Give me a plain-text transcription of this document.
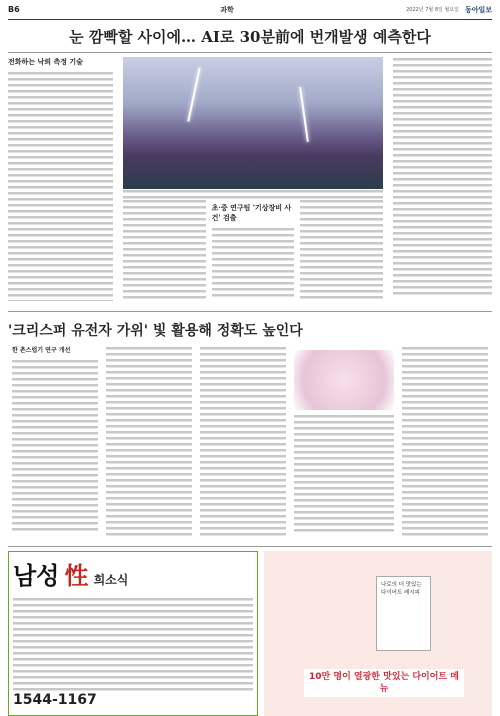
B6	과학	2022년 7월 8일 월요일 동아일보
눈 깜빡할 사이에… AI로 30분前에 번개발생 예측한다
전화하는 낙뢰 측정 기술
초·중 연구팀 '기상장비 사건' 검출
'크리스퍼 유전자 가위' 빛 활용해 정확도 높인다
한 촌스럽기 연구 개선
남성 性 희소식
1544-1167
나로의 더 맛있는 다이어트 레시피
10만 명이 열광한 맛있는 다이어트 메뉴
